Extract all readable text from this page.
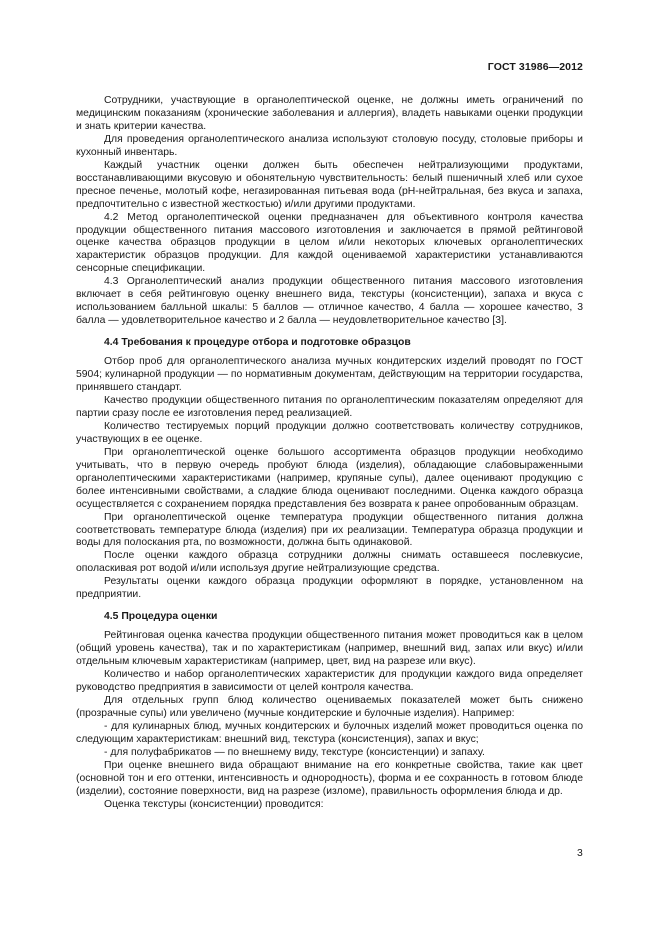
ГОСТ 31986—2012

Сотрудники, участвующие в органолептической оценке, не должны иметь ограничений по медицинским показаниям (хронические заболевания и аллергия), владеть навыками оценки продукции и знать критерии качества.

Для проведения органолептического анализа используют столовую посуду, столовые приборы и кухонный инвентарь.

Каждый участник оценки должен быть обеспечен нейтрализующими продуктами, восстанавливающими вкусовую и обонятельную чувствительность: белый пшеничный хлеб или сухое пресное печенье, молотый кофе, негазированная питьевая вода (рН-нейтральная, без вкуса и запаха, предпочтительно с известной жесткостью) и/или другими продуктами.

4.2 Метод органолептической оценки предназначен для объективного контроля качества продукции общественного питания массового изготовления и заключается в прямой рейтинговой оценке качества образцов продукции в целом и/или некоторых ключевых органолептических характеристик образцов продукции. Для каждой оцениваемой характеристики устанавливаются сенсорные спецификации.

4.3 Органолептический анализ продукции общественного питания массового изготовления включает в себя рейтинговую оценку внешнего вида, текстуры (консистенции), запаха и вкуса с использованием балльной шкалы: 5 баллов — отличное качество, 4 балла — хорошее качество, 3 балла — удовлетворительное качество и 2 балла — неудовлетворительное качество [3].

4.4 Требования к процедуре отбора и подготовке образцов

Отбор проб для органолептического анализа мучных кондитерских изделий проводят по ГОСТ 5904; кулинарной продукции — по нормативным документам, действующим на территории государства, принявшего стандарт.

Качество продукции общественного питания по органолептическим показателям определяют для партии сразу после ее изготовления перед реализацией.

Количество тестируемых порций продукции должно соответствовать количеству сотрудников, участвующих в ее оценке.

При органолептической оценке большого ассортимента образцов продукции необходимо учитывать, что в первую очередь пробуют блюда (изделия), обладающие слабовыраженными органолептическими характеристиками (например, крупяные супы), далее оценивают продукцию с более интенсивными свойствами, а сладкие блюда оценивают последними. Оценка каждого образца осуществляется с сохранением порядка представления без возврата к ранее опробованным образцам.

При органолептической оценке температура продукции общественного питания должна соответствовать температуре блюда (изделия) при их реализации. Температура образца продукции и воды для полоскания рта, по возможности, должна быть одинаковой.

После оценки каждого образца сотрудники должны снимать оставшееся послевкусие, ополаскивая рот водой и/или используя другие нейтрализующие средства.

Результаты оценки каждого образца продукции оформляют в порядке, установленном на предприятии.

4.5 Процедура оценки

Рейтинговая оценка качества продукции общественного питания может проводиться как в целом (общий уровень качества), так и по характеристикам (например, внешний вид, запах или вкус) и/или отдельным ключевым характеристикам (например, цвет, вид на разрезе или вкус).

Количество и набор органолептических характеристик для продукции каждого вида определяет руководство предприятия в зависимости от целей контроля качества.

Для отдельных групп блюд количество оцениваемых показателей может быть снижено (прозрачные супы) или увеличено (мучные кондитерские и булочные изделия). Например:

- для кулинарных блюд, мучных кондитерских и булочных изделий может проводиться оценка по следующим характеристикам: внешний вид, текстура (консистенция), запах и вкус;

- для полуфабрикатов — по внешнему виду, текстуре (консистенции) и запаху.

При оценке внешнего вида обращают внимание на его конкретные свойства, такие как цвет (основной тон и его оттенки, интенсивность и однородность), форма и ее сохранность в готовом блюде (изделии), состояние поверхности, вид на разрезе (изломе), правильность оформления блюда и др.

Оценка текстуры (консистенции) проводится:

3
